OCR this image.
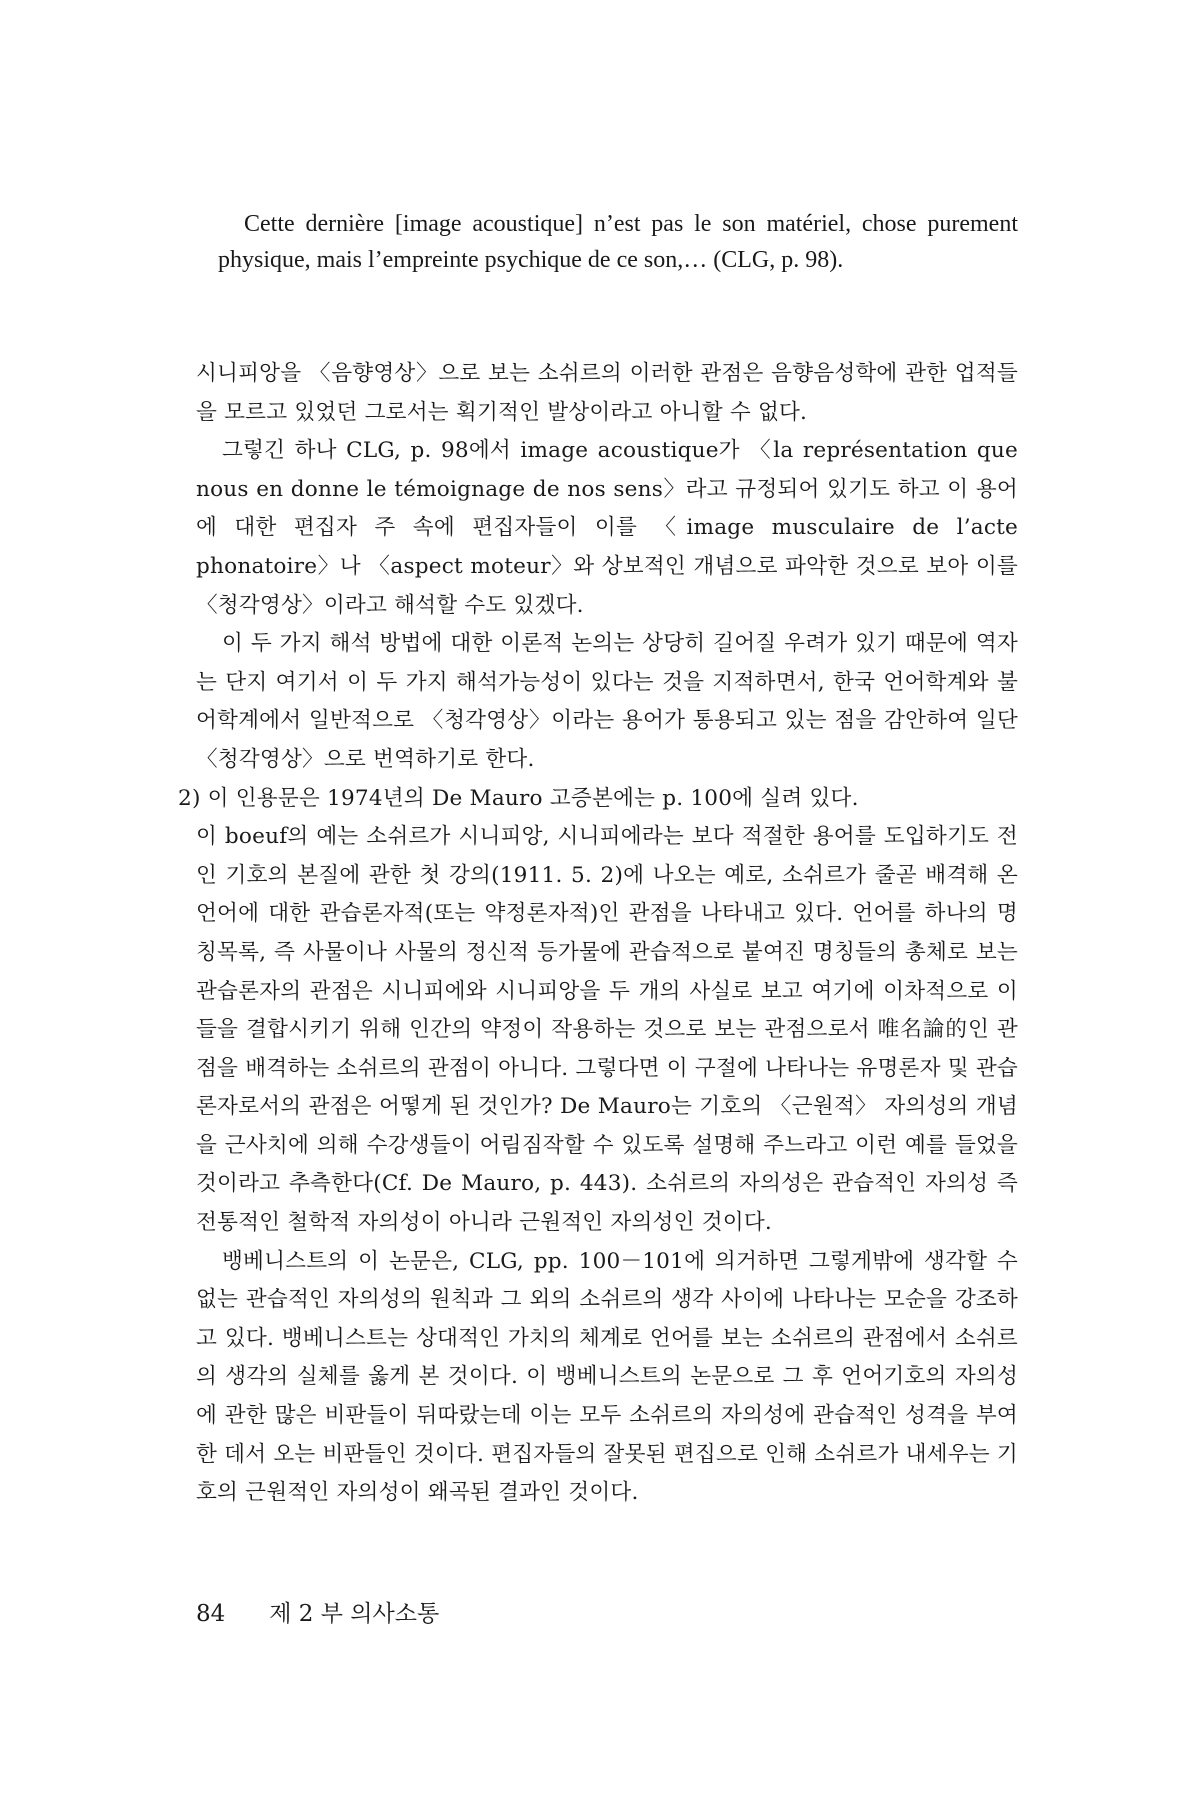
Cette dernière [image acoustique] n’est pas le son matériel, chose purement physique, mais l’empreinte psychique de ce son,… (CLG, p. 98).

시니피앙을 〈음향영상〉으로 보는 소쉬르의 이러한 관점은 음향음성학에 관한 업적들을 모르고 있었던 그로서는 획기적인 발상이라고 아니할 수 없다.

그렇긴 하나 CLG, p. 98에서 image acoustique가 〈la représentation que nous en donne le témoignage de nos sens〉라고 규정되어 있기도 하고 이 용어에 대한 편집자 주 속에 편집자들이 이를 〈image musculaire de l’acte phonatoire〉나 〈aspect moteur〉와 상보적인 개념으로 파악한 것으로 보아 이를 〈청각영상〉이라고 해석할 수도 있겠다.

이 두 가지 해석 방법에 대한 이론적 논의는 상당히 길어질 우려가 있기 때문에 역자는 단지 여기서 이 두 가지 해석가능성이 있다는 것을 지적하면서, 한국 언어학계와 불어학계에서 일반적으로 〈청각영상〉이라는 용어가 통용되고 있는 점을 감안하여 일단 〈청각영상〉으로 번역하기로 한다.

2) 이 인용문은 1974년의 De Mauro 고증본에는 p. 100에 실려 있다.

이 boeuf의 예는 소쉬르가 시니피앙, 시니피에라는 보다 적절한 용어를 도입하기도 전인 기호의 본질에 관한 첫 강의(1911. 5. 2)에 나오는 예로, 소쉬르가 줄곧 배격해 온 언어에 대한 관습론자적(또는 약정론자적)인 관점을 나타내고 있다. 언어를 하나의 명칭목록, 즉 사물이나 사물의 정신적 등가물에 관습적으로 붙여진 명칭들의 총체로 보는 관습론자의 관점은 시니피에와 시니피앙을 두 개의 사실로 보고 여기에 이차적으로 이들을 결합시키기 위해 인간의 약정이 작용하는 것으로 보는 관점으로서 唯名論的인 관점을 배격하는 소쉬르의 관점이 아니다. 그렇다면 이 구절에 나타나는 유명론자 및 관습론자로서의 관점은 어떻게 된 것인가? De Mauro는 기호의 〈근원적〉 자의성의 개념을 근사치에 의해 수강생들이 어림짐작할 수 있도록 설명해 주느라고 이런 예를 들었을 것이라고 추측한다(Cf. De Mauro, p. 443). 소쉬르의 자의성은 관습적인 자의성 즉 전통적인 철학적 자의성이 아니라 근원적인 자의성인 것이다.

뱅베니스트의 이 논문은, CLG, pp. 100－101에 의거하면 그렇게밖에 생각할 수 없는 관습적인 자의성의 원칙과 그 외의 소쉬르의 생각 사이에 나타나는 모순을 강조하고 있다. 뱅베니스트는 상대적인 가치의 체계로 언어를 보는 소쉬르의 관점에서 소쉬르의 생각의 실체를 옳게 본 것이다. 이 뱅베니스트의 논문으로 그 후 언어기호의 자의성에 관한 많은 비판들이 뒤따랐는데 이는 모두 소쉬르의 자의성에 관습적인 성격을 부여한 데서 오는 비판들인 것이다. 편집자들의 잘못된 편집으로 인해 소쉬르가 내세우는 기호의 근원적인 자의성이 왜곡된 결과인 것이다.

84 제 2 부 의사소통
